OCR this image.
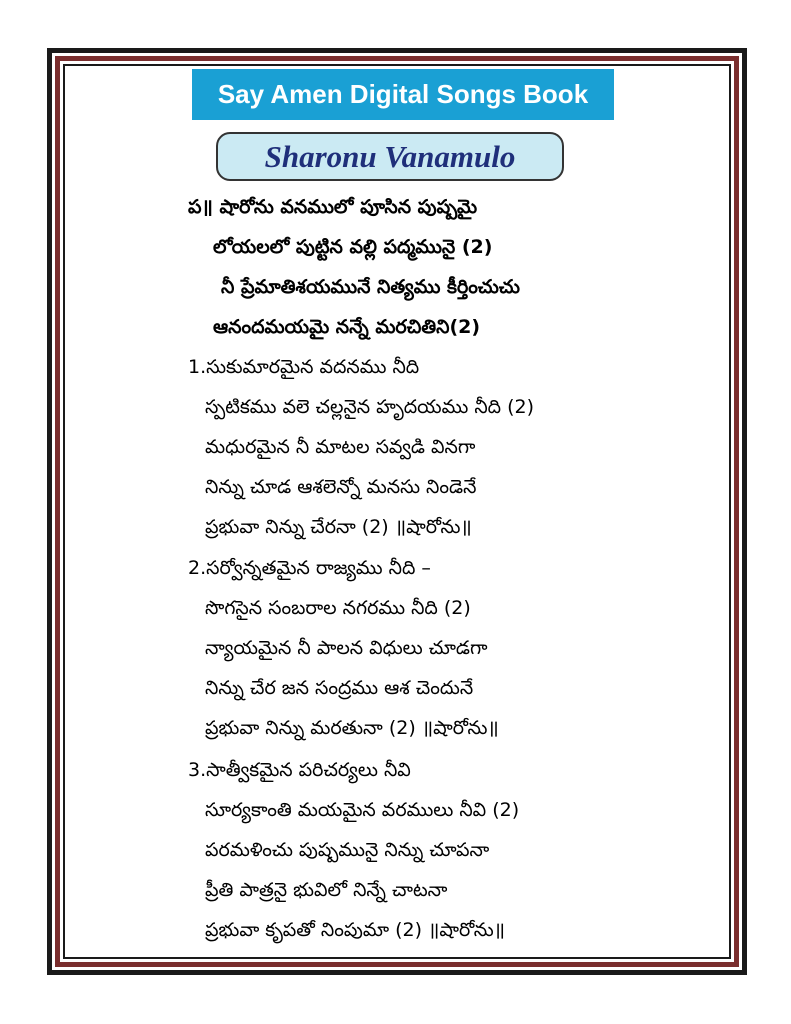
Say Amen Digital Songs Book
Sharonu Vanamulo
ప॥ షారోను వనములో పూసిన పుష్పమై
లోయలలో పుట్టిన వల్లి పద్మమునై (2)
నీ ప్రేమాతిశయమునే నిత్యము కీర్తించుచు
ఆనందమయమై నన్నే మరచితిని(2)
1.సుకుమారమైన వదనము నీది
స్పటికము వలె చల్లనైన హృదయము నీది (2)
మధురమైన నీ మాటల సవ్వడి వినగా
నిన్ను చూడ ఆశలెన్నో మనసు నిండెనే
ప్రభువా నిన్ను చేరనా (2) ॥షారోను॥
2.సర్వోన్నతమైన రాజ్యము నీది –
సొగసైన సంబరాల నగరము నీది (2)
న్యాయమైన నీ పాలన విధులు చూడగా
నిన్ను చేర జన సంద్రము ఆశ చెందునే
ప్రభువా నిన్ను మరతునా (2) ॥షారోను॥
3.సాత్వీకమైన పరిచర్యలు నీవి
సూర్యకాంతి మయమైన వరములు నీవి (2)
పరమళించు పుష్పమునై నిన్ను చూపనా
ప్రీతి పాత్రనై భువిలో నిన్నే చాటనా
ప్రభువా కృపతో నింపుమా (2) ॥షారోను॥
